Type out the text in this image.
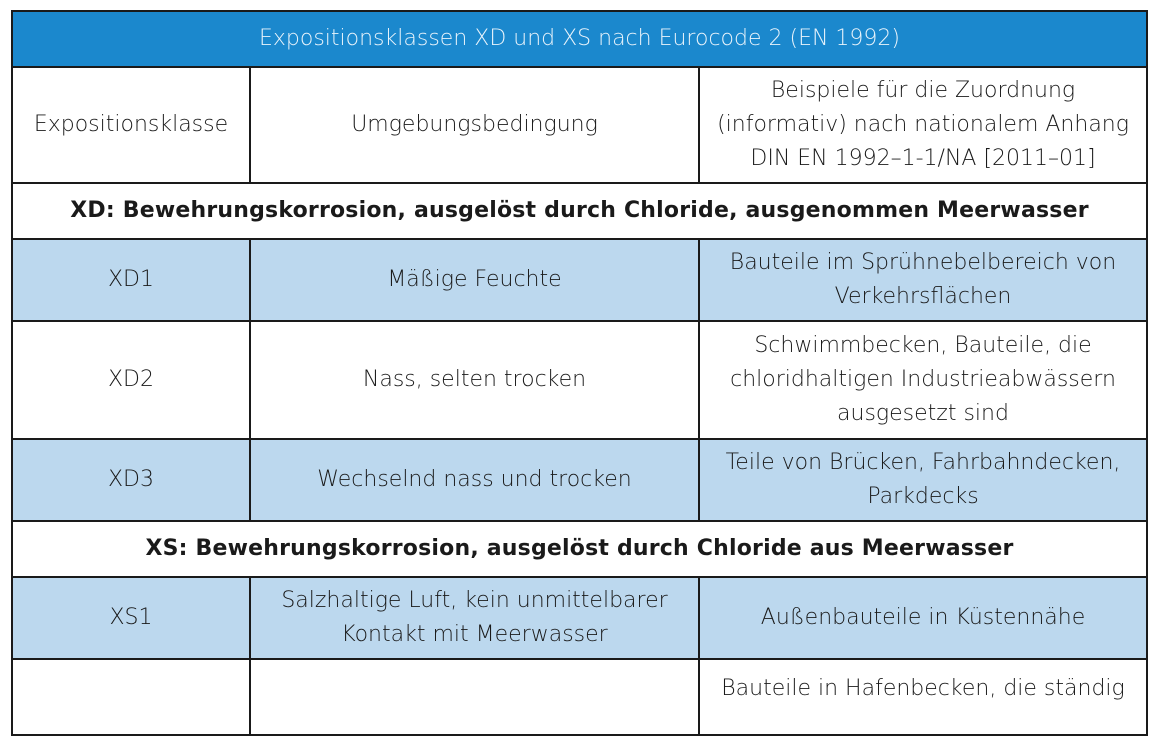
Expositionsklassen XD und XS nach Eurocode 2 (EN 1992)		
Expositionsklasse	Umgebungsbedingung	Beispiele für die Zuordnung
(informativ) nach nationalem Anhang
DIN EN 1992–1-1/NA [2011–01]

XD: Bewehrungskorrosion, ausgelöst durch Chloride, ausgenommen Meerwasser		
XD1	Mäßige Feuchte	Bauteile im Sprühnebelbereich von
Verkehrsflächen

XD2	Nass, selten trocken	Schwimmbecken, Bauteile, die
chloridhaltigen Industrieabwässern
ausgesetzt sind

XD3	Wechselnd nass und trocken	Teile von Brücken, Fahrbahndecken,
Parkdecks

XS: Bewehrungskorrosion, ausgelöst durch Chloride aus Meerwasser		
XS1	Salzhaltige Luft, kein unmittelbarer
Kontakt mit Meerwasser	Außenbauteile in Küstennähe

		Bauteile in Hafenbecken, die ständig
